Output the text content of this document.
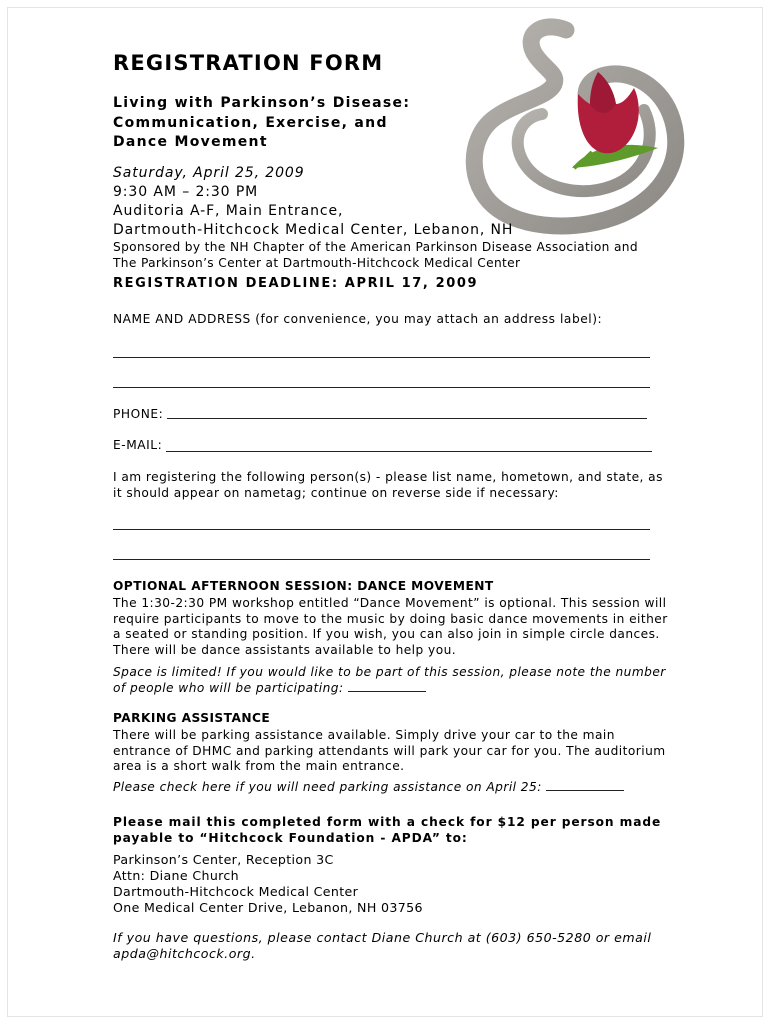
REGISTRATION FORM
Living with Parkinson’s Disease:
Communication, Exercise, and
Dance Movement
Saturday, April 25, 2009
9:30 AM – 2:30 PM
Auditoria A-F, Main Entrance,
Dartmouth-Hitchcock Medical Center, Lebanon, NH
Sponsored by the NH Chapter of the American Parkinson Disease Association and
The Parkinson’s Center at Dartmouth-Hitchcock Medical Center
REGISTRATION DEADLINE: APRIL 17, 2009
NAME AND ADDRESS (for convenience, you may attach an address label):
PHONE:
E-MAIL:
I am registering the following person(s) - please list name, hometown, and state, as
it should appear on nametag; continue on reverse side if necessary:
OPTIONAL AFTERNOON SESSION: DANCE MOVEMENT
The 1:30-2:30 PM workshop entitled “Dance Movement” is optional. This session will
require participants to move to the music by doing basic dance movements in either
a seated or standing position. If you wish, you can also join in simple circle dances.
There will be dance assistants available to help you.
Space is limited! If you would like to be part of this session, please note the number
of people who will be participating:
PARKING ASSISTANCE
There will be parking assistance available. Simply drive your car to the main
entrance of DHMC and parking attendants will park your car for you. The auditorium
area is a short walk from the main entrance.
Please check here if you will need parking assistance on April 25:
Please mail this completed form with a check for $12 per person made
payable to “Hitchcock Foundation - APDA” to:
Parkinson’s Center, Reception 3C
Attn: Diane Church
Dartmouth-Hitchcock Medical Center
One Medical Center Drive, Lebanon, NH 03756
If you have questions, please contact Diane Church at (603) 650-5280 or email
apda@hitchcock.org.
